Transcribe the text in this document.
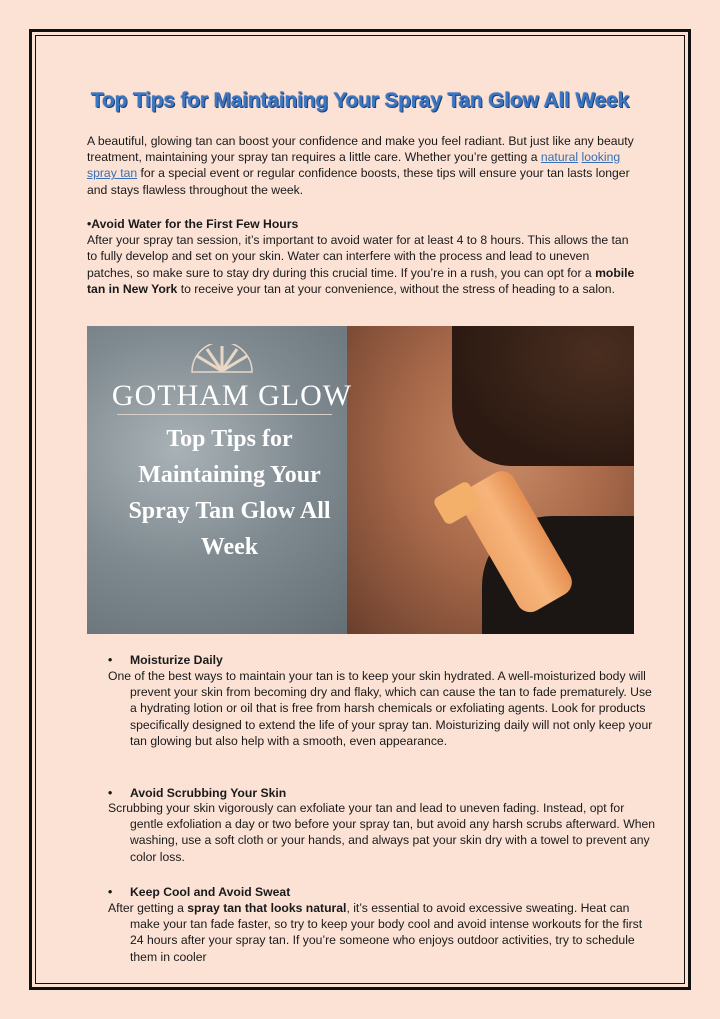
Top Tips for Maintaining Your Spray Tan Glow All Week

A beautiful, glowing tan can boost your confidence and make you feel radiant. But just like any beauty treatment, maintaining your spray tan requires a little care. Whether you’re getting a natural looking spray tan for a special event or regular confidence boosts, these tips will ensure your tan lasts longer and stays flawless throughout the week.

•Avoid Water for the First Few Hours
After your spray tan session, it’s important to avoid water for at least 4 to 8 hours. This allows the tan to fully develop and set on your skin. Water can interfere with the process and lead to uneven patches, so make sure to stay dry during this crucial time. If you’re in a rush, you can opt for a mobile tan in New York to receive your tan at your convenience, without the stress of heading to a salon.

GOTHAM GLOW
Top Tips for Maintaining Your Spray Tan Glow All Week
• Moisturize Daily

One of the best ways to maintain your tan is to keep your skin hydrated. A well-moisturized body will prevent your skin from becoming dry and flaky, which can cause the tan to fade prematurely. Use a hydrating lotion or oil that is free from harsh chemicals or exfoliating agents. Look for products specifically designed to extend the life of your spray tan. Moisturizing daily will not only keep your tan glowing but also help with a smooth, even appearance.

• Avoid Scrubbing Your Skin

Scrubbing your skin vigorously can exfoliate your tan and lead to uneven fading. Instead, opt for gentle exfoliation a day or two before your spray tan, but avoid any harsh scrubs afterward. When washing, use a soft cloth or your hands, and always pat your skin dry with a towel to prevent any color loss.

• Keep Cool and Avoid Sweat

After getting a spray tan that looks natural, it’s essential to avoid excessive sweating. Heat can make your tan fade faster, so try to keep your body cool and avoid intense workouts for the first 24 hours after your spray tan. If you’re someone who enjoys outdoor activities, try to schedule them in cooler
